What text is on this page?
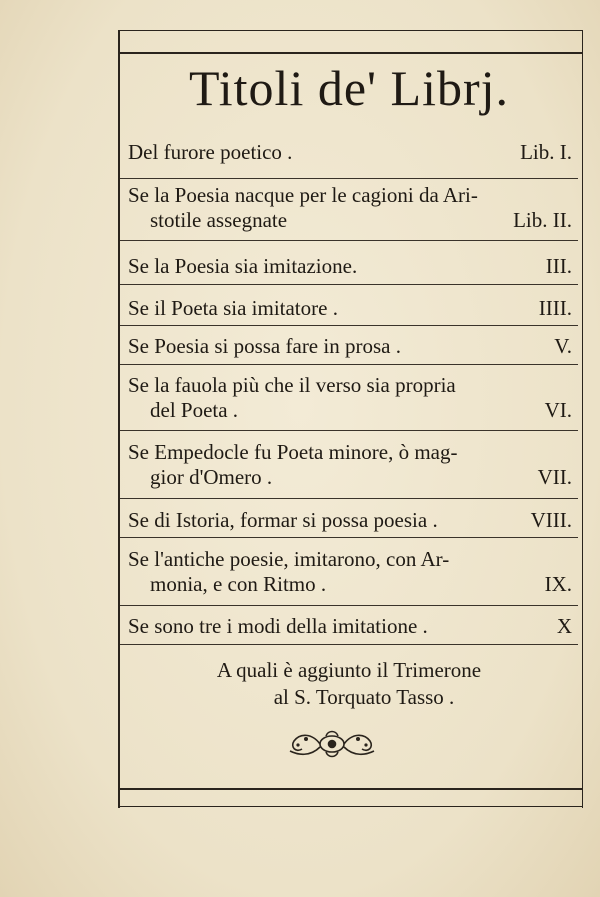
Titoli de' Librj.
Del furore poetico .	Lib. I.
Se la Poesia nacque per le cagioni da Ari-
stotile assegnate	Lib. II.
Se la Poesia sia imitazione.	III.
Se il Poeta sia imitatore .	IIII.
Se Poesia si possa fare in prosa .	V.
Se la fauola più che il verso sia propria
del Poeta .	VI.
Se Empedocle fu Poeta minore, ò mag-
gior d'Omero .	VII.
Se di Istoria, formar si possa poesia .	VIII.
Se l'antiche poesie, imitarono, con Ar-
monia, e con Ritmo .	IX.
Se sono tre i modi della imitatione .	X
A quali è aggiunto il Trimerone
al S. Torquato Tasso .
